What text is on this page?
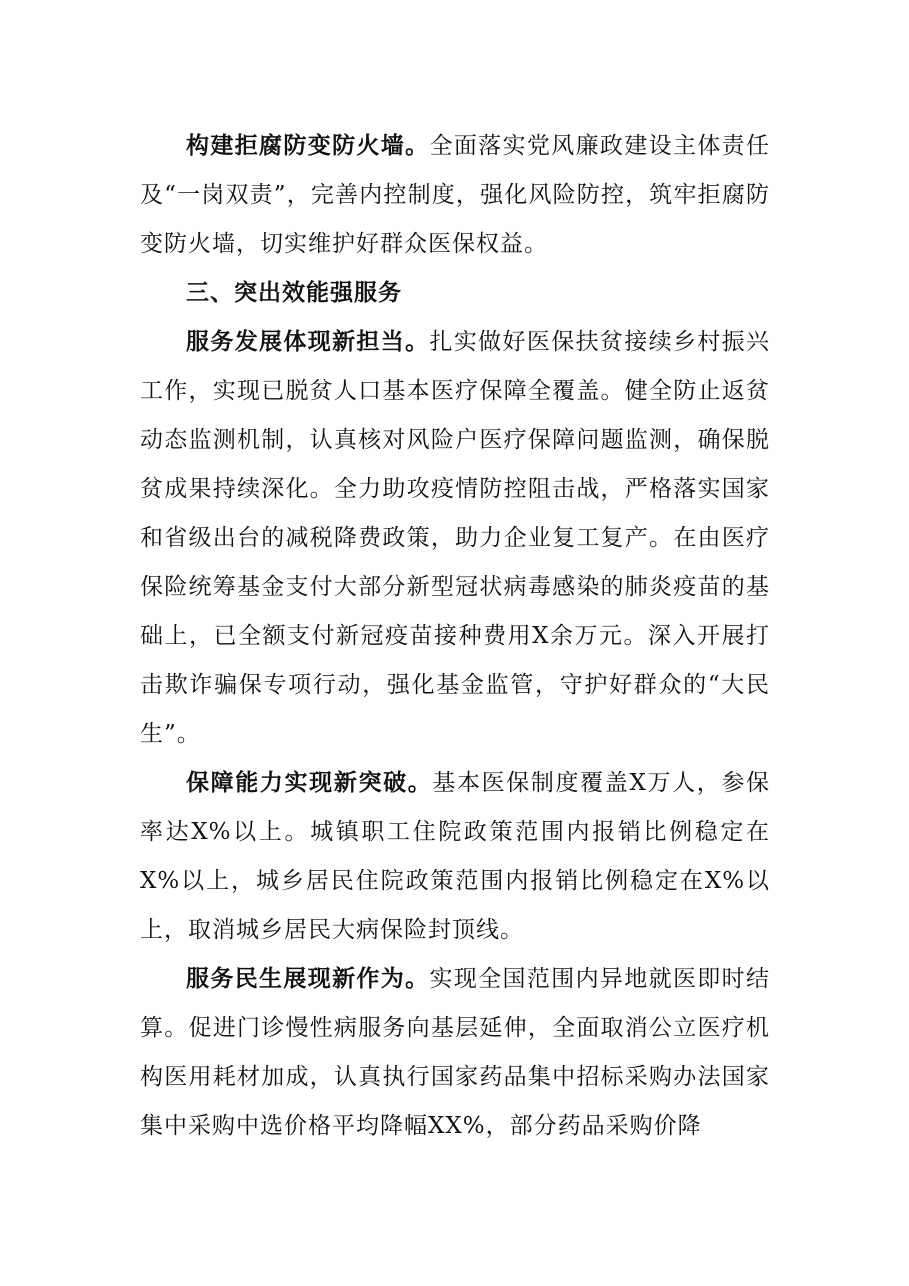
构建拒腐防变防火墙。全面落实党风廉政建设主体责任及“一岗双责”，完善内控制度，强化风险防控，筑牢拒腐防变防火墙，切实维护好群众医保权益。

三、突出效能强服务

服务发展体现新担当。扎实做好医保扶贫接续乡村振兴工作，实现已脱贫人口基本医疗保障全覆盖。健全防止返贫动态监测机制，认真核对风险户医疗保障问题监测，确保脱贫成果持续深化。全力助攻疫情防控阻击战，严格落实国家和省级出台的减税降费政策，助力企业复工复产。在由医疗保险统筹基金支付大部分新型冠状病毒感染的肺炎疫苗的基础上，已全额支付新冠疫苗接种费用X余万元。深入开展打击欺诈骗保专项行动，强化基金监管，守护好群众的“大民生”。

保障能力实现新突破。基本医保制度覆盖X万人，参保率达X%以上。城镇职工住院政策范围内报销比例稳定在X%以上，城乡居民住院政策范围内报销比例稳定在X%以上，取消城乡居民大病保险封顶线。

服务民生展现新作为。实现全国范围内异地就医即时结算。促进门诊慢性病服务向基层延伸，全面取消公立医疗机构医用耗材加成，认真执行国家药品集中招标采购办法国家集中采购中选价格平均降幅XX%，部分药品采购价降
